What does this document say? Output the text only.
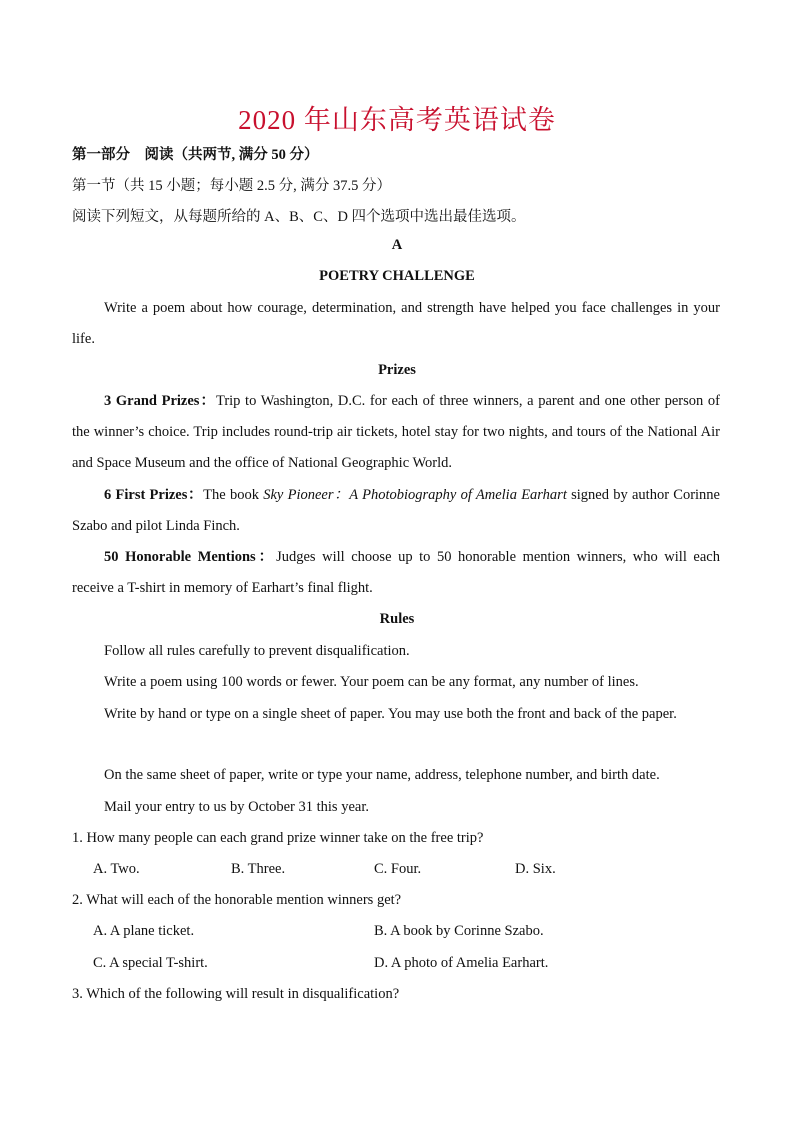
2020 年山东高考英语试卷
第一部分　阅读（共两节, 满分 50 分）
第一节（共 15 小题；每小题 2.5 分, 满分 37.5 分）
阅读下列短文，从每题所给的 A、B、C、D 四个选项中选出最佳选项。
A
POETRY CHALLENGE
Write a poem about how courage, determination, and strength have helped you face challenges in your life.
Prizes
3 Grand Prizes：Trip to Washington, D.C. for each of three winners, a parent and one other person of the winner’s choice. Trip includes round-trip air tickets, hotel stay for two nights, and tours of the National Air and Space Museum and the office of National Geographic World.
6 First Prizes：The book Sky Pioneer：A Photobiography of Amelia Earhart signed by author Corinne Szabo and pilot Linda Finch.
50 Honorable Mentions：Judges will choose up to 50 honorable mention winners, who will each receive a T-shirt in memory of Earhart’s final flight.
Rules
Follow all rules carefully to prevent disqualification.
Write a poem using 100 words or fewer. Your poem can be any format, any number of lines.
Write by hand or type on a single sheet of paper. You may use both the front and back of the paper.
On the same sheet of paper, write or type your name, address, telephone number, and birth date.
Mail your entry to us by October 31 this year.
1. How many people can each grand prize winner take on the free trip?
A. Two.	B. Three.	C. Four.	D. Six.
2. What will each of the honorable mention winners get?
A. A plane ticket.	B. A book by Corinne Szabo.
C. A special T-shirt.	D. A photo of Amelia Earhart.
3. Which of the following will result in disqualification?
